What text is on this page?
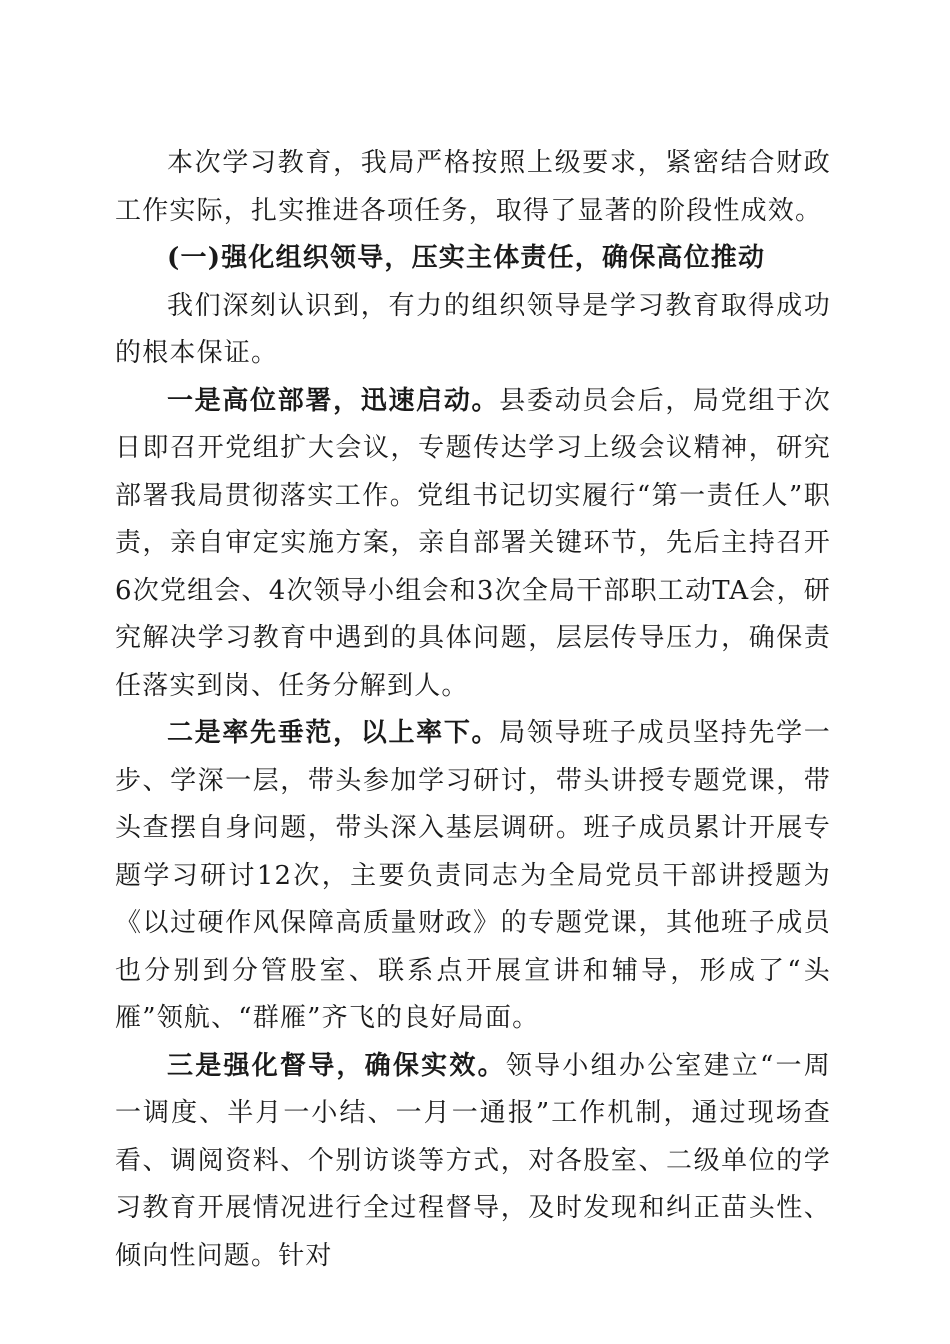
本次学习教育，我局严格按照上级要求，紧密结合财政工作实际，扎实推进各项任务，取得了显著的阶段性成效。

(一)强化组织领导，压实主体责任，确保高位推动

我们深刻认识到，有力的组织领导是学习教育取得成功的根本保证。

一是高位部署，迅速启动。县委动员会后，局党组于次日即召开党组扩大会议，专题传达学习上级会议精神，研究部署我局贯彻落实工作。党组书记切实履行“第一责任人”职责，亲自审定实施方案，亲自部署关键环节，先后主持召开6次党组会、4次领导小组会和3次全局干部职工动TA会，研究解决学习教育中遇到的具体问题，层层传导压力，确保责任落实到岗、任务分解到人。

二是率先垂范，以上率下。局领导班子成员坚持先学一步、学深一层，带头参加学习研讨，带头讲授专题党课，带头查摆自身问题，带头深入基层调研。班子成员累计开展专题学习研讨12次，主要负责同志为全局党员干部讲授题为《以过硬作风保障高质量财政》的专题党课，其他班子成员也分别到分管股室、联系点开展宣讲和辅导，形成了“头雁”领航、“群雁”齐飞的良好局面。

三是强化督导，确保实效。领导小组办公室建立“一周一调度、半月一小结、一月一通报”工作机制，通过现场查看、调阅资料、个别访谈等方式，对各股室、二级单位的学习教育开展情况进行全过程督导，及时发现和纠正苗头性、倾向性问题。针对
